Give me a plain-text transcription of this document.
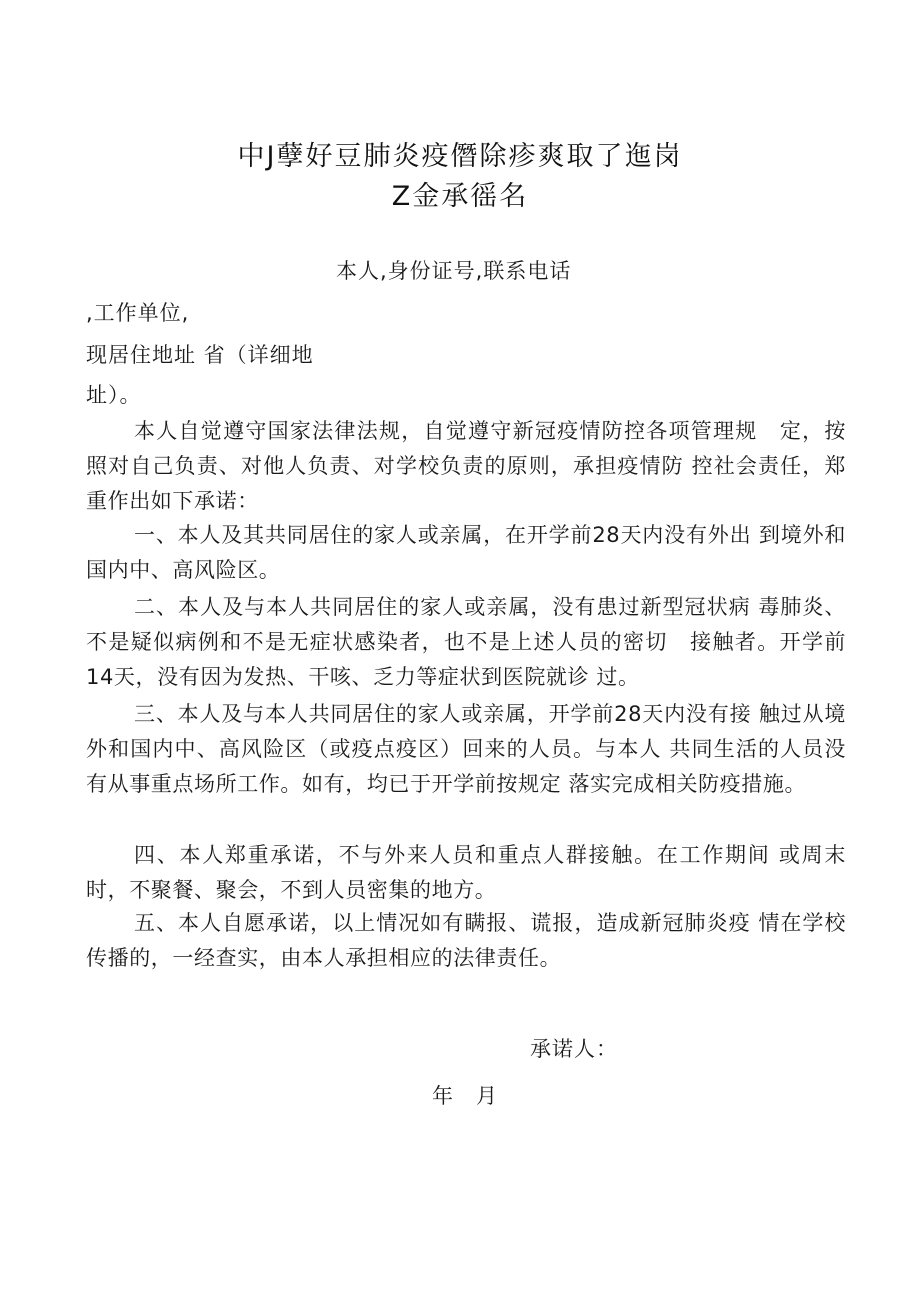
中J孽好豆肺炎疫僭除疹爽取了迤岗
Z金承徭名
本人,身份证号,联系电话
,工作单位,
现居住地址 省（详细地
址）。
本人自觉遵守国家法律法规，自觉遵守新冠疫情防控各项管理规　定，按照对自己负责、对他人负责、对学校负责的原则，承担疫情防 控社会责任，郑重作出如下承诺：
一、本人及其共同居住的家人或亲属，在开学前28天内没有外出 到境外和国内中、高风险区。
二、本人及与本人共同居住的家人或亲属，没有患过新型冠状病 毒肺炎、不是疑似病例和不是无症状感染者，也不是上述人员的密切　接触者。开学前14天，没有因为发热、干咳、乏力等症状到医院就诊 过。
三、本人及与本人共同居住的家人或亲属，开学前28天内没有接 触过从境外和国内中、高风险区（或疫点疫区）回来的人员。与本人 共同生活的人员没有从事重点场所工作。如有，均已于开学前按规定 落实完成相关防疫措施。
四、本人郑重承诺，不与外来人员和重点人群接触。在工作期间 或周末时，不聚餐、聚会，不到人员密集的地方。
五、本人自愿承诺，以上情况如有瞒报、谎报，造成新冠肺炎疫 情在学校传播的，一经查实，由本人承担相应的法律责任。
承诺人：
年　月
